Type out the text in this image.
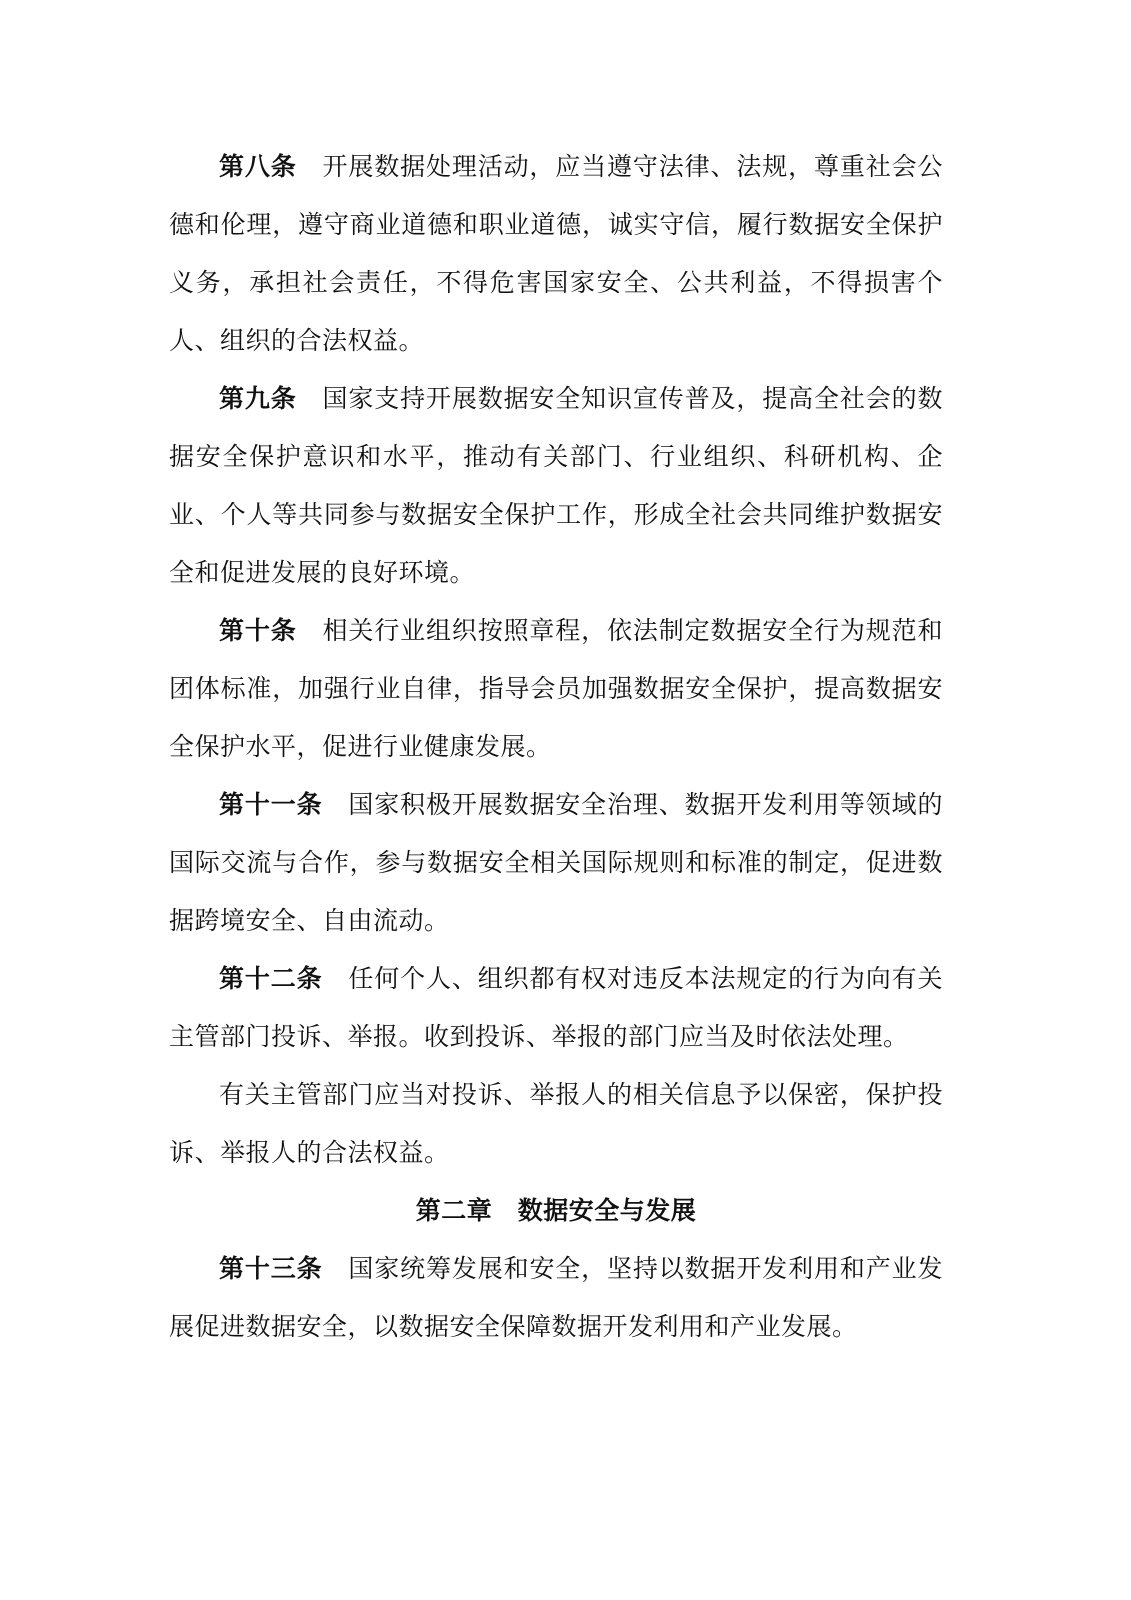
第八条　 开展数据处理活动，应当遵守法律、法规，尊重社会公德和伦理，遵守商业道德和职业道德，诚实守信，履行数据安全保护义务，承担社会责任，不得危害国家安全、公共利益，不得损害个人、组织的合法权益。

第九条　 国家支持开展数据安全知识宣传普及，提高全社会的数据安全保护意识和水平，推动有关部门、行业组织、科研机构、企业、个人等共同参与数据安全保护工作，形成全社会共同维护数据安全和促进发展的良好环境。

第十条　 相关行业组织按照章程，依法制定数据安全行为规范和团体标准，加强行业自律，指导会员加强数据安全保护，提高数据安全保护水平，促进行业健康发展。

第十一条　 国家积极开展数据安全治理、数据开发利用等领域的国际交流与合作，参与数据安全相关国际规则和标准的制定，促进数据跨境安全、自由流动。

第十二条　 任何个人、组织都有权对违反本法规定的行为向有关主管部门投诉、举报。收到投诉、举报的部门应当及时依法处理。

有关主管部门应当对投诉、举报人的相关信息予以保密，保护投诉、举报人的合法权益。

第二章　数据安全与发展

第十三条　 国家统筹发展和安全，坚持以数据开发利用和产业发展促进数据安全，以数据安全保障数据开发利用和产业发展。
